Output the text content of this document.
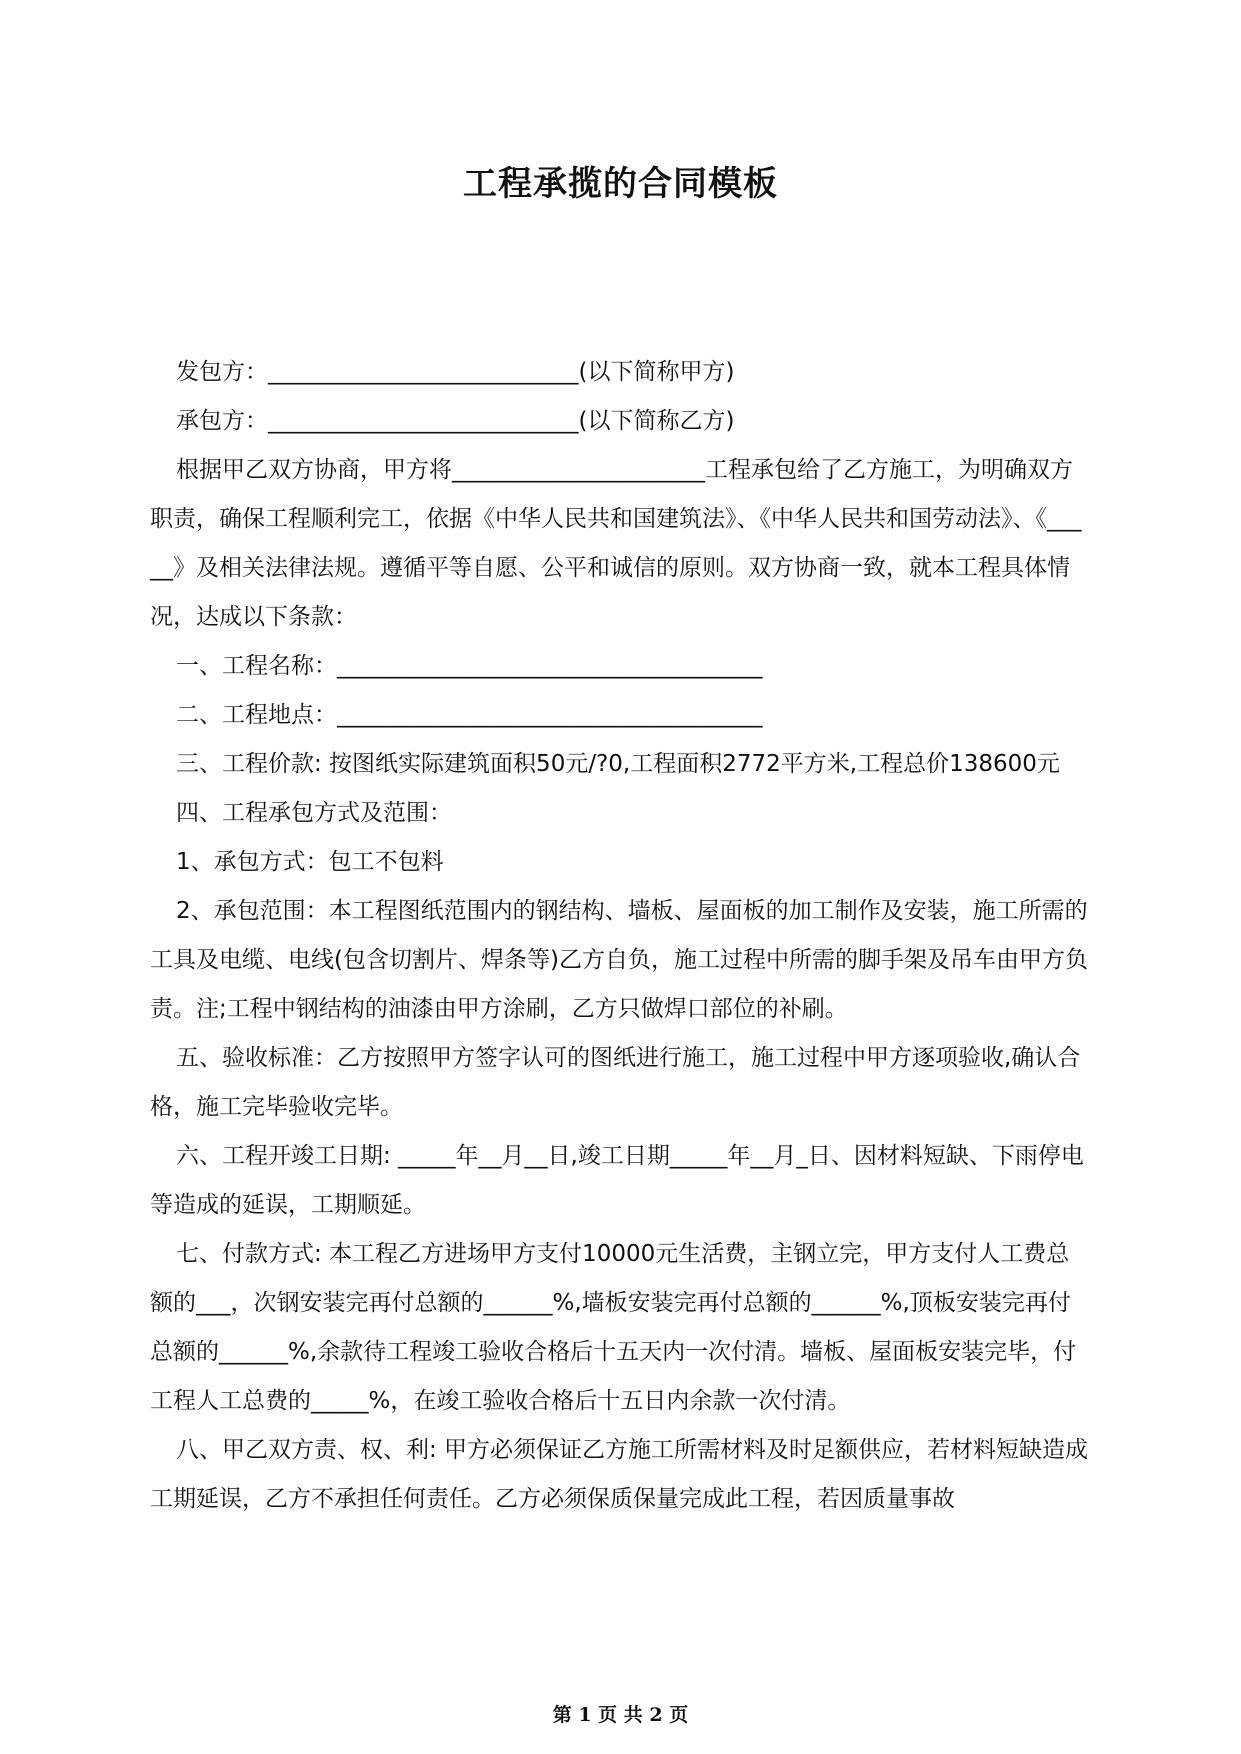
工程承揽的合同模板

发包方：___________________________(以下简称甲方)

承包方：___________________________(以下简称乙方)

根据甲乙双方协商，甲方将______________________工程承包给了乙方施工，为明确双方职责，确保工程顺利完工，依据《中华人民共和国建筑法》、《中华人民共和国劳动法》、《_____》及相关法律法规。遵循平等自愿、公平和诚信的原则。双方协商一致，就本工程具体情况，达成以下条款：

一、工程名称：_____________________________________

二、工程地点：_____________________________________

三、工程价款: 按图纸实际建筑面积50元/?0,工程面积2772平方米,工程总价138600元

四、工程承包方式及范围：

1、承包方式：包工不包料

2、承包范围：本工程图纸范围内的钢结构、墙板、屋面板的加工制作及安装，施工所需的工具及电缆、电线(包含切割片、焊条等)乙方自负，施工过程中所需的脚手架及吊车由甲方负责。注;工程中钢结构的油漆由甲方涂刷，乙方只做焊口部位的补刷。

五、验收标准：乙方按照甲方签字认可的图纸进行施工，施工过程中甲方逐项验收,确认合格，施工完毕验收完毕。

六、工程开竣工日期: _____年__月__日,竣工日期_____年__月_日、因材料短缺、下雨停电等造成的延误，工期顺延。

七、付款方式: 本工程乙方进场甲方支付10000元生活费，主钢立完，甲方支付人工费总额的___，次钢安装完再付总额的______%,墙板安装完再付总额的______%,顶板安装完再付总额的______%,余款待工程竣工验收合格后十五天内一次付清。墙板、屋面板安装完毕，付工程人工总费的_____%，在竣工验收合格后十五日内余款一次付清。

八、甲乙双方责、权、利: 甲方必须保证乙方施工所需材料及时足额供应，若材料短缺造成工期延误，乙方不承担任何责任。乙方必须保质保量完成此工程，若因质量事故

第 1 页 共 2 页
